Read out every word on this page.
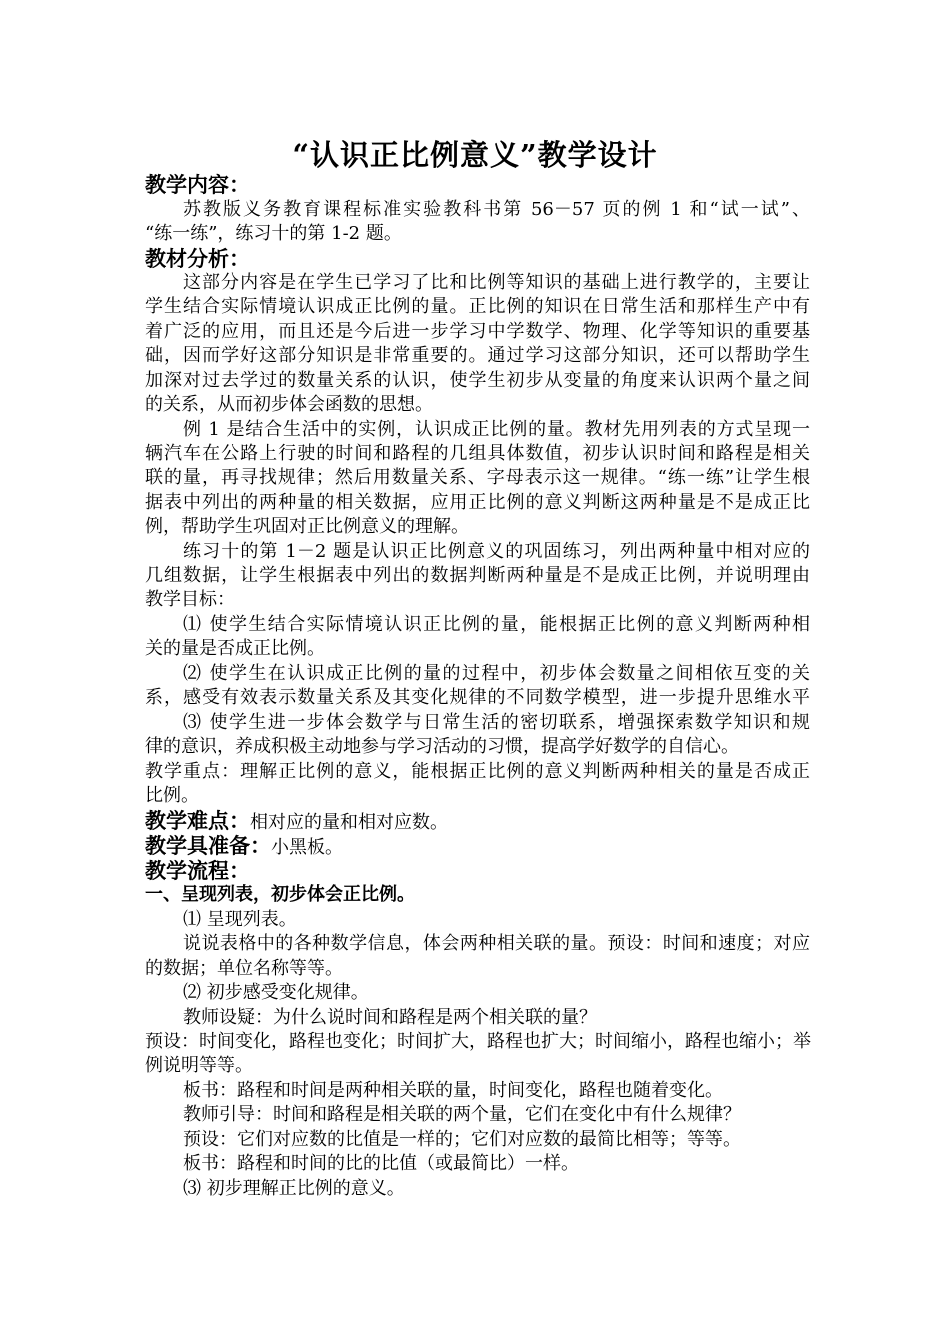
“认识正比例意义”教学设计
教学内容：
苏教版义务教育课程标准实验教科书第 56－57 页的例 1 和“试一试”、
“练一练”，练习十的第 1-2 题。
教材分析：
这部分内容是在学生已学习了比和比例等知识的基础上进行教学的，主要让
学生结合实际情境认识成正比例的量。正比例的知识在日常生活和那样生产中有
着广泛的应用，而且还是今后进一步学习中学数学、物理、化学等知识的重要基
础，因而学好这部分知识是非常重要的。通过学习这部分知识，还可以帮助学生
加深对过去学过的数量关系的认识，使学生初步从变量的角度来认识两个量之间
的关系，从而初步体会函数的思想。
例 1 是结合生活中的实例，认识成正比例的量。教材先用列表的方式呈现一
辆汽车在公路上行驶的时间和路程的几组具体数值，初步认识时间和路程是相关
联的量，再寻找规律；然后用数量关系、字母表示这一规律。“练一练”让学生根
据表中列出的两种量的相关数据，应用正比例的意义判断这两种量是不是成正比
例，帮助学生巩固对正比例意义的理解。
练习十的第 1－2 题是认识正比例意义的巩固练习，列出两种量中相对应的
几组数据，让学生根据表中列出的数据判断两种量是不是成正比例，并说明理由
教学目标：
⑴ 使学生结合实际情境认识正比例的量，能根据正比例的意义判断两种相
关的量是否成正比例。
⑵ 使学生在认识成正比例的量的过程中，初步体会数量之间相依互变的关
系，感受有效表示数量关系及其变化规律的不同数学模型，进一步提升思维水平
⑶ 使学生进一步体会数学与日常生活的密切联系，增强探索数学知识和规
律的意识，养成积极主动地参与学习活动的习惯，提高学好数学的自信心。
教学重点：理解正比例的意义，能根据正比例的意义判断两种相关的量是否成正
比例。
教学难点：相对应的量和相对应数。
教学具准备：小黑板。
教学流程：
一、呈现列表，初步体会正比例。
⑴ 呈现列表。
说说表格中的各种数学信息，体会两种相关联的量。预设：时间和速度；对应
的数据；单位名称等等。
⑵ 初步感受变化规律。
教师设疑：为什么说时间和路程是两个相关联的量？
预设：时间变化，路程也变化；时间扩大，路程也扩大；时间缩小，路程也缩小；举
例说明等等。
板书：路程和时间是两种相关联的量，时间变化，路程也随着变化。
教师引导：时间和路程是相关联的两个量，它们在变化中有什么规律？
预设：它们对应数的比值是一样的；它们对应数的最简比相等；等等。
板书：路程和时间的比的比值（或最简比）一样。
⑶ 初步理解正比例的意义。
